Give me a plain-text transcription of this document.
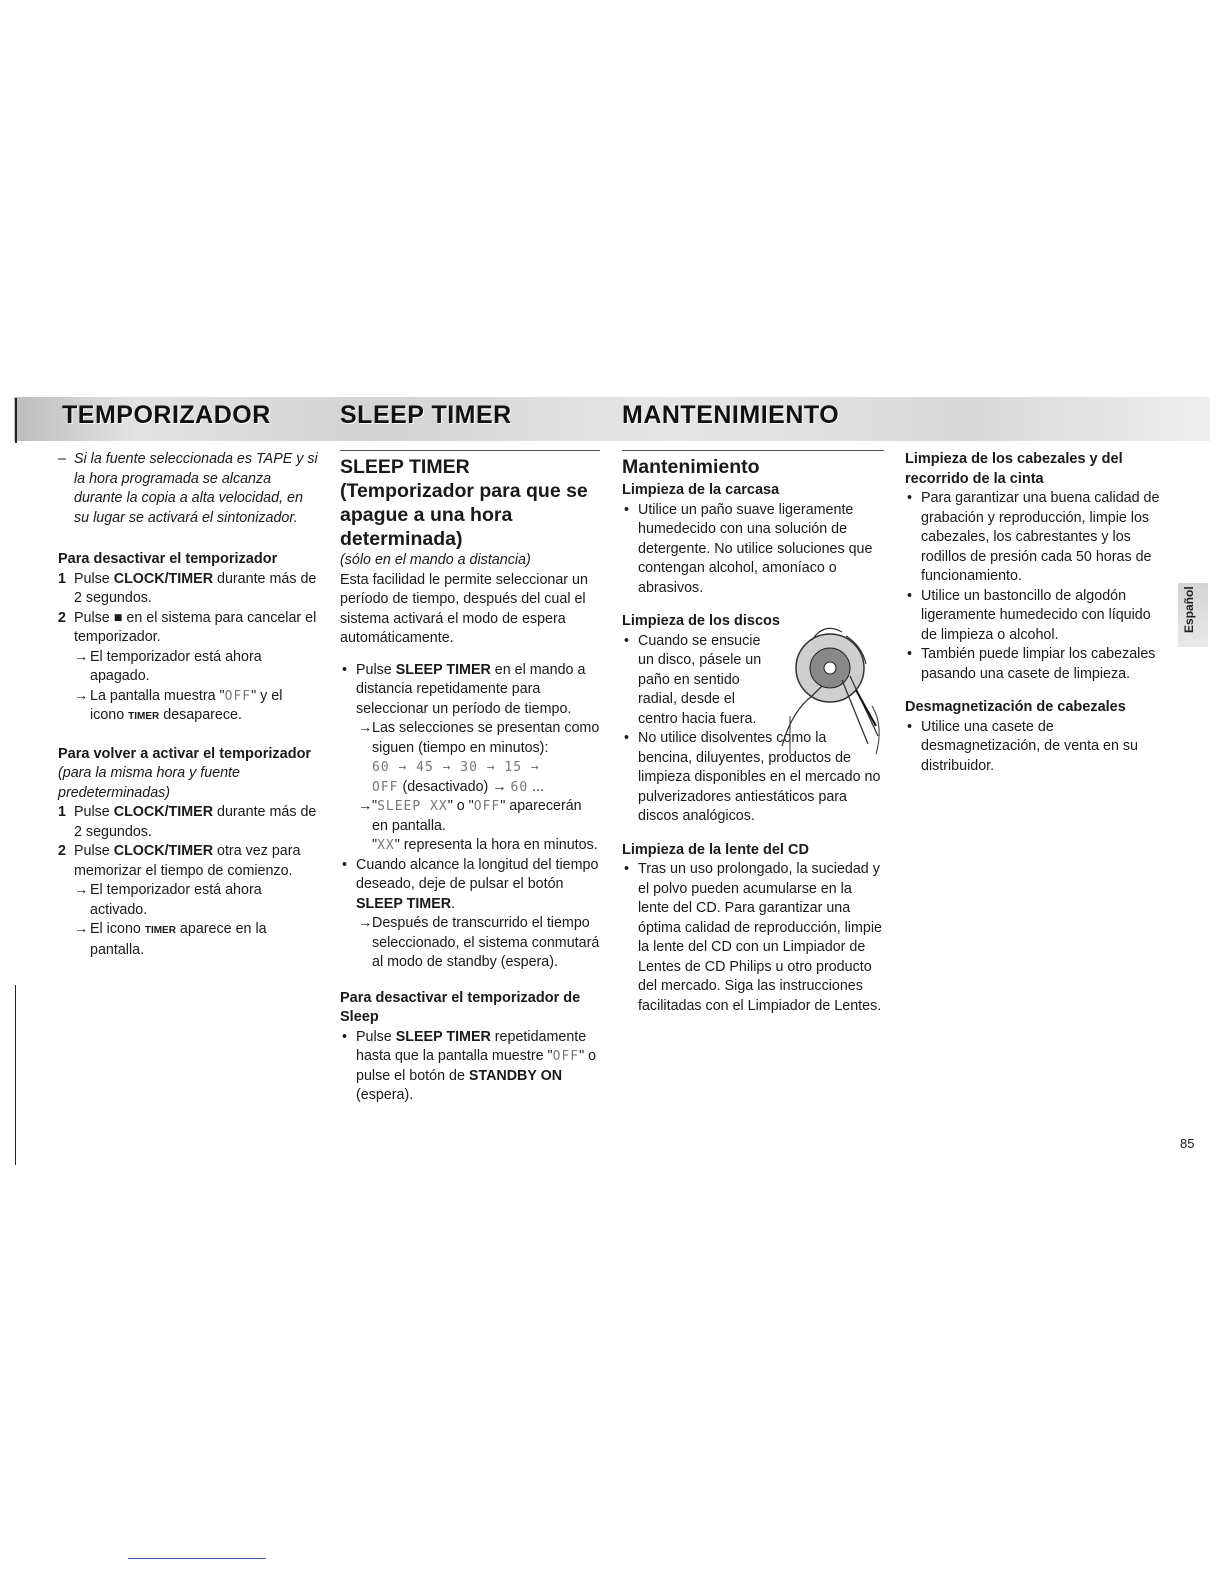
TEMPORIZADOR	SLEEP TIMER	MANTENIMIENTO

– Si la fuente seleccionada es TAPE y si la hora programada se alcanza durante la copia a alta velocidad, en su lugar se activará el sintonizador.

Para desactivar el temporizador

1 Pulse CLOCK/TIMER durante más de 2 segundos.

2 Pulse ■ en el sistema para cancelar el temporizador.

→ El temporizador está ahora apagado.

→ La pantalla muestra "OFF" y el icono TIMER desaparece.

Para volver a activar el temporizador

(para la misma hora y fuente predeterminadas)

1 Pulse CLOCK/TIMER durante más de 2 segundos.

2 Pulse CLOCK/TIMER otra vez para memorizar el tiempo de comienzo.

→ El temporizador está ahora activado.

→ El icono TIMER aparece en la pantalla.

SLEEP TIMER (Temporizador para que se apague a una hora determinada)

(sólo en el mando a distancia)

Esta facilidad le permite seleccionar un período de tiempo, después del cual el sistema activará el modo de espera automáticamente.

• Pulse SLEEP TIMER en el mando a distancia repetidamente para seleccionar un período de tiempo.

→ Las selecciones se presentan como siguen (tiempo en minutos):

60 → 45 → 30 → 15 →

OFF (desactivado) → 60 ...

→ "SLEEP XX" o "OFF" aparecerán en pantalla.

"XX" representa la hora en minutos.

• Cuando alcance la longitud del tiempo deseado, deje de pulsar el botón SLEEP TIMER.

→ Después de transcurrido el tiempo seleccionado, el sistema conmutará al modo de standby (espera).

Para desactivar el temporizador de Sleep

• Pulse SLEEP TIMER repetidamente hasta que la pantalla muestre "OFF" o pulse el botón de STANDBY ON (espera).

Mantenimiento

Limpieza de la carcasa

• Utilice un paño suave ligeramente humedecido con una solución de detergente. No utilice soluciones que contengan alcohol, amoníaco o abrasivos.

Limpieza de los discos

• Cuando se ensucie un disco, pásele un paño en sentido radial, desde el centro hacia fuera.

• No utilice disolventes como la bencina, diluyentes, productos de limpieza disponibles en el mercado no pulverizadores antiestáticos para discos analógicos.

Limpieza de la lente del CD

• Tras un uso prolongado, la suciedad y el polvo pueden acumularse en la lente del CD. Para garantizar una óptima calidad de reproducción, limpie la lente del CD con un Limpiador de Lentes de CD Philips u otro producto del mercado. Siga las instrucciones facilitadas con el Limpiador de Lentes.

Limpieza de los cabezales y del recorrido de la cinta

• Para garantizar una buena calidad de grabación y reproducción, limpie los cabezales, los cabrestantes y los rodillos de presión cada 50 horas de funcionamiento.

• Utilice un bastoncillo de algodón ligeramente humedecido con líquido de limpieza o alcohol.

• También puede limpiar los cabezales pasando una casete de limpieza.

Desmagnetización de cabezales

• Utilice una casete de desmagnetización, de venta en su distribuidor.

Español
85
